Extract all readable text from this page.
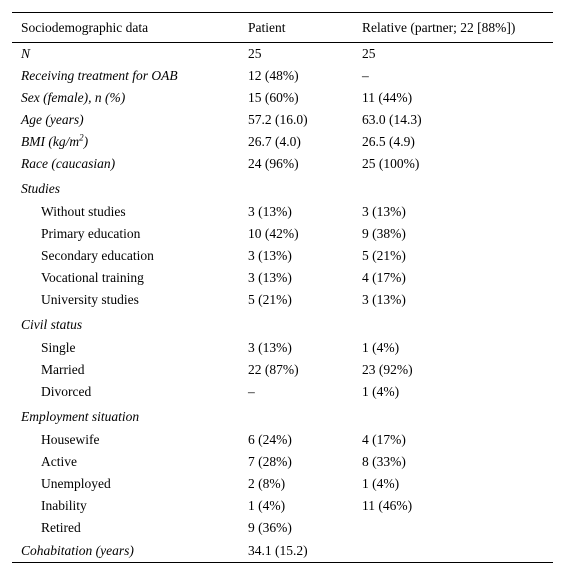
Sociodemographic data	Patient	Relative (partner; 22 [88%])
N	25	25
Receiving treatment for OAB	12 (48%)	–
Sex (female), n (%)	15 (60%)	11 (44%)
Age (years)	57.2 (16.0)	63.0 (14.3)
BMI $(kg/m^2)$	26.7 (4.0)	26.5 (4.9)
Race (caucasian)	24 (96%)	25 (100%)
Studies		
Without studies	3 (13%)	3 (13%)
Primary education	10 (42%)	9 (38%)
Secondary education	3 (13%)	5 (21%)
Vocational training	3 (13%)	4 (17%)
University studies	5 (21%)	3 (13%)
Civil status		
Single	3 (13%)	1 (4%)
Married	22 (87%)	23 (92%)
Divorced	–	1 (4%)
Employment situation		
Housewife	6 (24%)	4 (17%)
Active	7 (28%)	8 (33%)
Unemployed	2 (8%)	1 (4%)
Inability	1 (4%)	11 (46%)
Retired	9 (36%)	
Cohabitation (years)	34.1 (15.2)	
